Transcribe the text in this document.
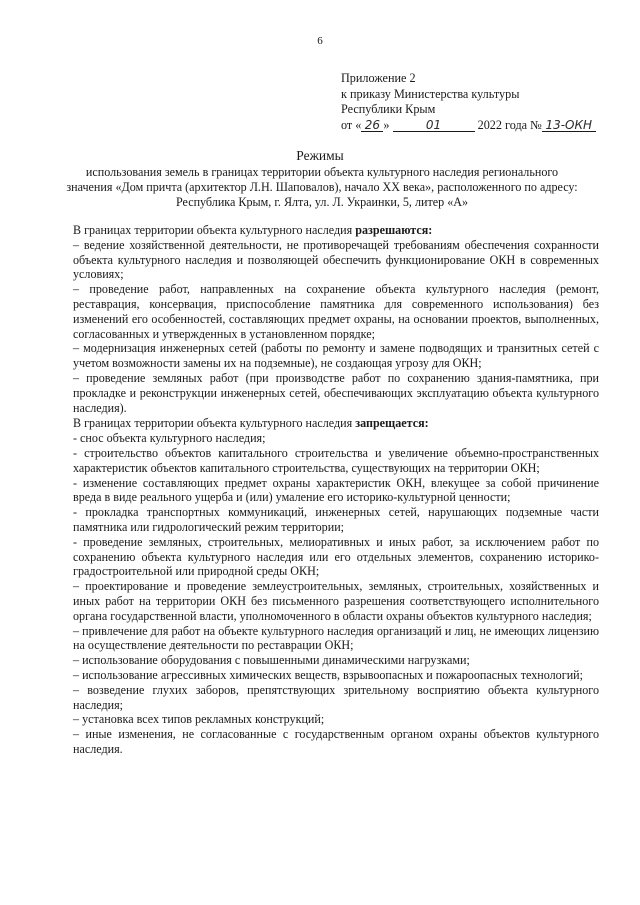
6
Приложение 2
к приказу Министерства культуры
Республики Крым
от « 26 »	01	2022 года № 13-ОКН
Режимы
использования земель в границах территории объекта культурного наследия регионального значения «Дом причта (архитектор Л.Н. Шаповалов), начало XX века», расположенного по адресу: Республика Крым, г. Ялта, ул. Л. Украинки, 5, литер «А»

В границах территории объекта культурного наследия разрешаются:

– ведение хозяйственной деятельности, не противоречащей требованиям обеспечения сохранности объекта культурного наследия и позволяющей обеспечить функционирование ОКН в современных условиях;

– проведение работ, направленных на сохранение объекта культурного наследия (ремонт, реставрация, консервация, приспособление памятника для современного использования) без изменений его особенностей, составляющих предмет охраны, на основании проектов, выполненных, согласованных и утвержденных в установленном порядке;

– модернизация инженерных сетей (работы по ремонту и замене подводящих и транзитных сетей с учетом возможности замены их на подземные), не создающая угрозу для ОКН;

– проведение земляных работ (при производстве работ по сохранению здания-памятника, при прокладке и реконструкции инженерных сетей, обеспечивающих эксплуатацию объекта культурного наследия).

В границах территории объекта культурного наследия запрещается:

- снос объекта культурного наследия;

- строительство объектов капитального строительства и увеличение объемно-пространственных характеристик объектов капитального строительства, существующих на территории ОКН;

- изменение составляющих предмет охраны характеристик ОКН, влекущее за собой причинение вреда в виде реального ущерба и (или) умаление его историко-культурной ценности;

- прокладка транспортных коммуникаций, инженерных сетей, нарушающих подземные части памятника или гидрологический режим территории;

- проведение земляных, строительных, мелиоративных и иных работ, за исключением работ по сохранению объекта культурного наследия или его отдельных элементов, сохранению историко-градостроительной или природной среды ОКН;

– проектирование и проведение землеустроительных, земляных, строительных, хозяйственных и иных работ на территории ОКН без письменного разрешения соответствующего исполнительного органа государственной власти, уполномоченного в области охраны объектов культурного наследия;

– привлечение для работ на объекте культурного наследия организаций и лиц, не имеющих лицензию на осуществление деятельности по реставрации ОКН;

– использование оборудования с повышенными динамическими нагрузками;

– использование агрессивных химических веществ, взрывоопасных и пожароопасных технологий;

– возведение глухих заборов, препятствующих зрительному восприятию объекта культурного наследия;

– установка всех типов рекламных конструкций;

– иные изменения, не согласованные с государственным органом охраны объектов культурного наследия.
